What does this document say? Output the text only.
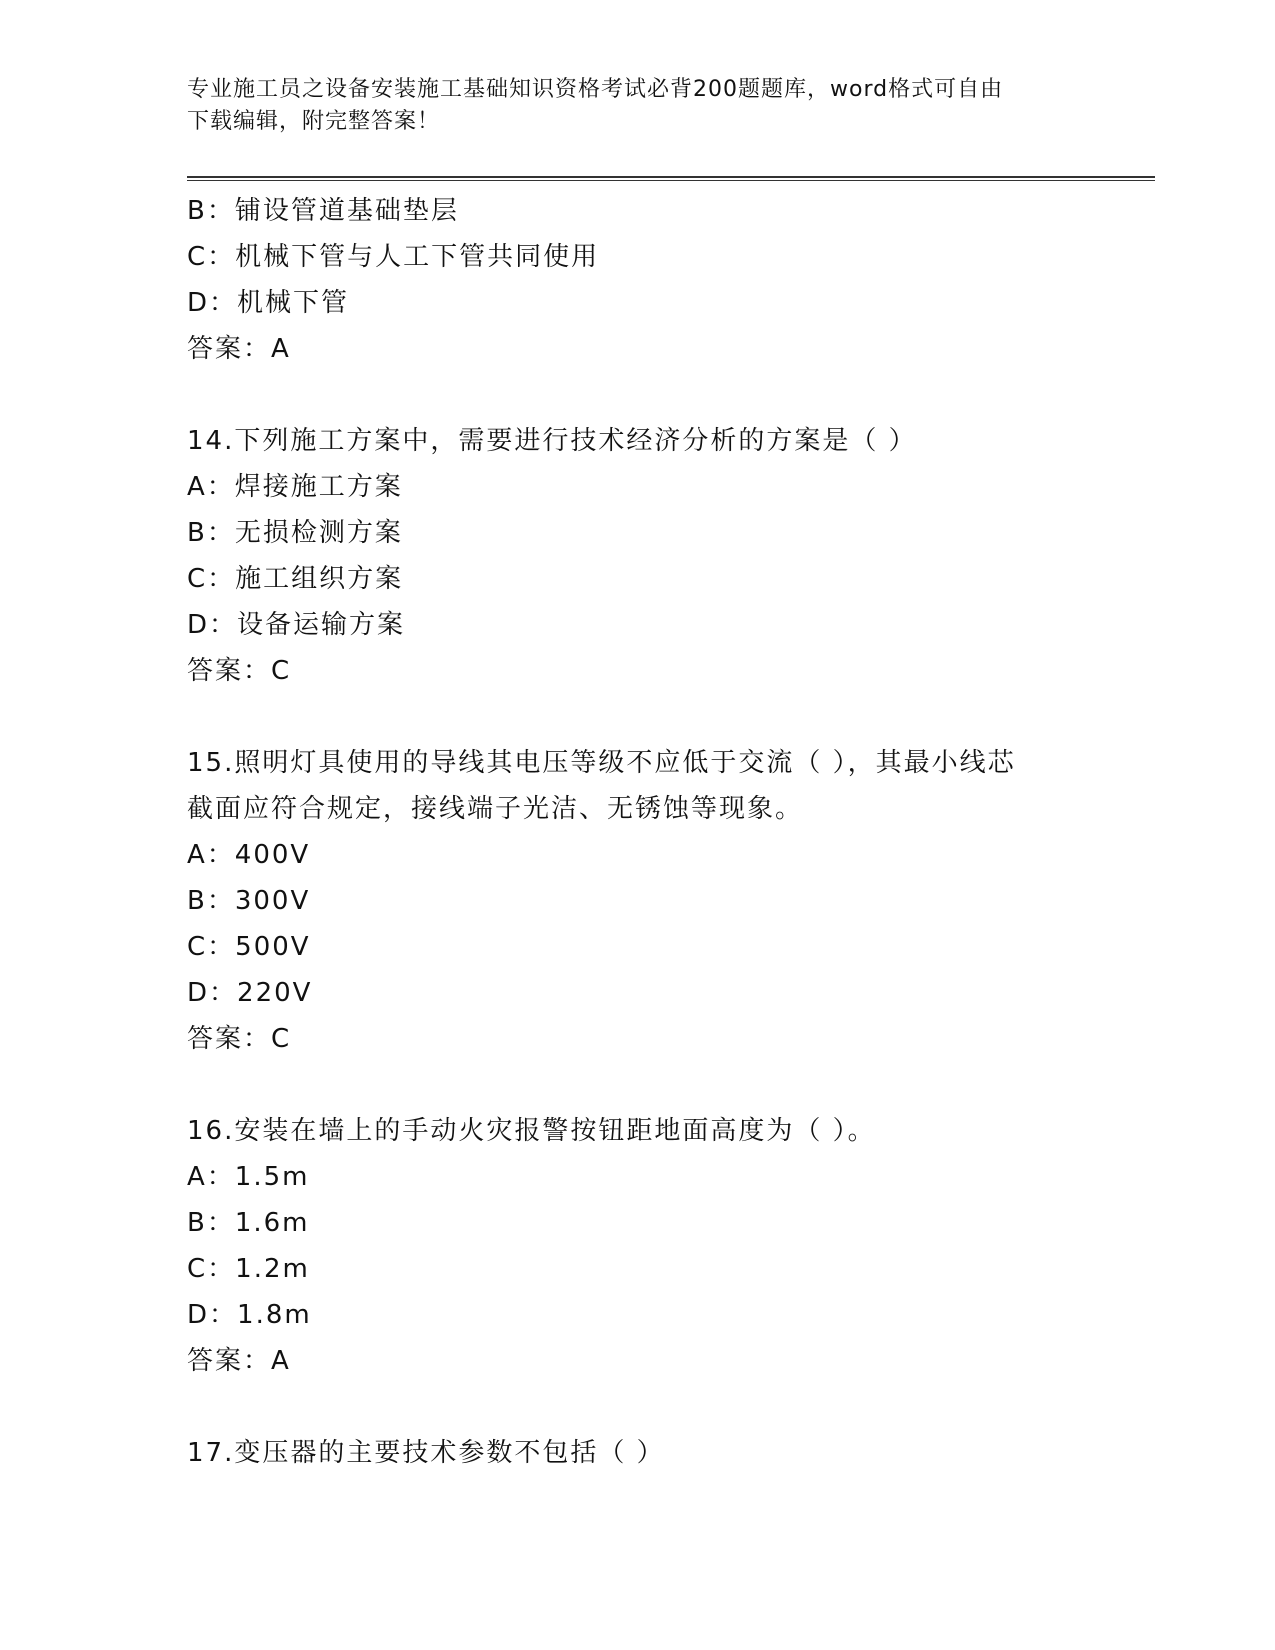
专业施工员之设备安装施工基础知识资格考试必背200题题库，word格式可自由
下载编辑，附完整答案！
B：铺设管道基础垫层
C：机械下管与人工下管共同使用
D：机械下管
答案：A
14.下列施工方案中，需要进行技术经济分析的方案是（ ）
A：焊接施工方案
B：无损检测方案
C：施工组织方案
D：设备运输方案
答案：C
15.照明灯具使用的导线其电压等级不应低于交流（ ），其最小线芯
截面应符合规定，接线端子光洁、无锈蚀等现象。
A：400V
B：300V
C：500V
D：220V
答案：C
16.安装在墙上的手动火灾报警按钮距地面高度为（ ）。
A：1.5m
B：1.6m
C：1.2m
D：1.8m
答案：A
17.变压器的主要技术参数不包括（ ）
